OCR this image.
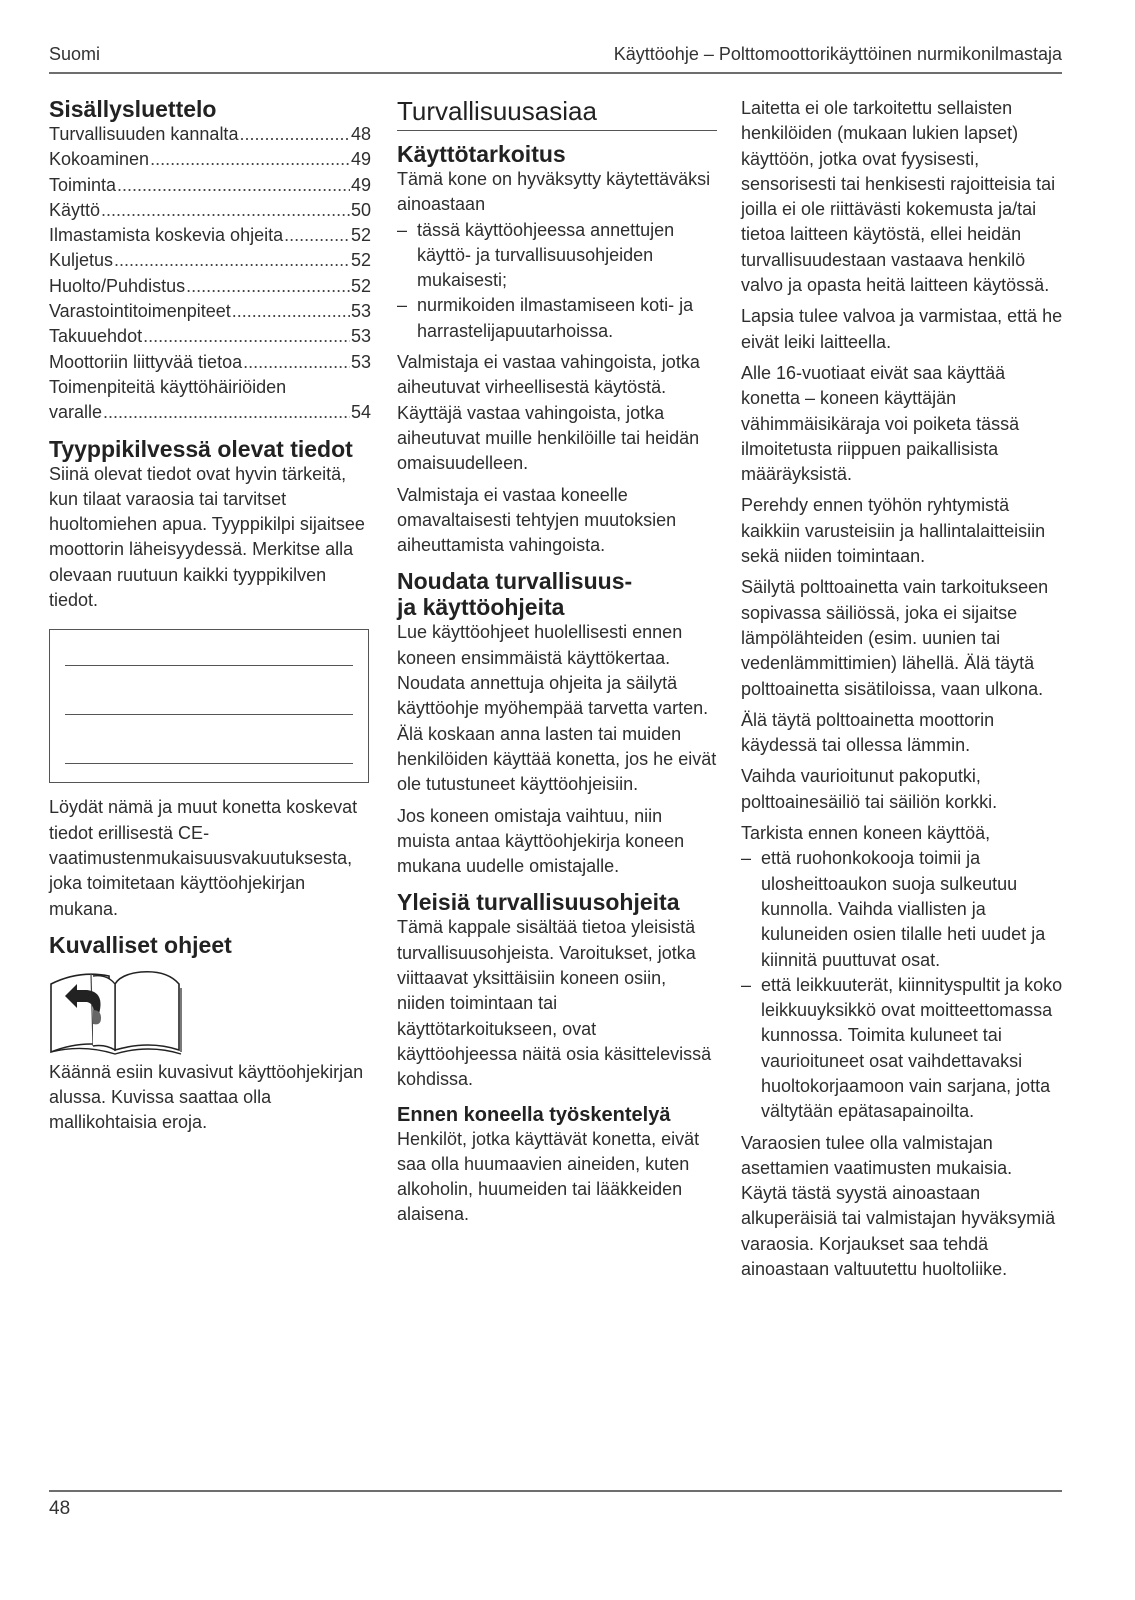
Suomi	Käyttöohje – Polttomoottorikäyttöinen nurmikonilmastaja
Sisällysluettelo
Turvallisuuden kannalta .....	48
Kokoaminen .....	49
Toiminta .....	49
Käyttö .....	50
Ilmastamista koskevia ohjeita .....	52
Kuljetus .....	52
Huolto/Puhdistus .....	52
Varastointitoimenpiteet .....	53
Takuuehdot .....	53
Moottoriin liittyvää tietoa .....	53
Toimenpiteitä käyttöhäiriöiden
varalle .....	54
Tyyppikilvessä olevat tiedot

Siinä olevat tiedot ovat hyvin tärkeitä, kun tilaat varaosia tai tarvitset huoltomiehen apua. Tyyppikilpi sijaitsee moottorin läheisyydessä. Merkitse alla olevaan ruutuun kaikki tyyppikilven tiedot.

Löydät nämä ja muut konetta koskevat tiedot erillisestä CE-vaatimustenmukaisuusvakuutuksesta, joka toimitetaan käyttöohjekirjan mukana.

Kuvalliset ohjeet

Käännä esiin kuvasivut käyttöohjekirjan alussa. Kuvissa saattaa olla mallikohtaisia eroja.

Turvallisuusasiaa
Käyttötarkoitus

Tämä kone on hyväksytty käytettäväksi ainoastaan

– tässä käyttöohjeessa annettujen käyttö- ja turvallisuusohjeiden mukaisesti;
– nurmikoiden ilmastamiseen koti- ja harrastelijapuutarhoissa.

Valmistaja ei vastaa vahingoista, jotka aiheutuvat virheellisestä käytöstä. Käyttäjä vastaa vahingoista, jotka aiheutuvat muille henkilöille tai heidän omaisuudelleen.

Valmistaja ei vastaa koneelle omavaltaisesti tehtyjen muutoksien aiheuttamista vahingoista.

Noudata turvallisuus-
ja käyttöohjeita

Lue käyttöohjeet huolellisesti ennen koneen ensimmäistä käyttökertaa. Noudata annettuja ohjeita ja säilytä käyttöohje myöhempää tarvetta varten.

Älä koskaan anna lasten tai muiden henkilöiden käyttää konetta, jos he eivät ole tutustuneet käyttöohjeisiin.

Jos koneen omistaja vaihtuu, niin muista antaa käyttöohjekirja koneen mukana uudelle omistajalle.

Yleisiä turvallisuusohjeita

Tämä kappale sisältää tietoa yleisistä turvallisuusohjeista. Varoitukset, jotka viittaavat yksittäisiin koneen osiin, niiden toimintaan tai käyttötarkoitukseen, ovat käyttöohjeessa näitä osia käsittelevissä kohdissa.

Ennen koneella työskentelyä

Henkilöt, jotka käyttävät konetta, eivät saa olla huumaavien aineiden, kuten alkoholin, huumeiden tai lääkkeiden alaisena.

Laitetta ei ole tarkoitettu sellaisten henkilöiden (mukaan lukien lapset) käyttöön, jotka ovat fyysisesti, sensorisesti tai henkisesti rajoitteisia tai joilla ei ole riittävästi kokemusta ja/tai tietoa laitteen käytöstä, ellei heidän turvallisuudestaan vastaava henkilö valvo ja opasta heitä laitteen käytössä.

Lapsia tulee valvoa ja varmistaa, että he eivät leiki laitteella.

Alle 16-vuotiaat eivät saa käyttää konetta – koneen käyttäjän vähimmäisikäraja voi poiketa tässä ilmoitetusta riippuen paikallisista määräyksistä.

Perehdy ennen työhön ryhtymistä kaikkiin varusteisiin ja hallintalaitteisiin sekä niiden toimintaan.

Säilytä polttoainetta vain tarkoitukseen sopivassa säiliössä, joka ei sijaitse lämpölähteiden (esim. uunien tai vedenlämmittimien) lähellä. Älä täytä polttoainetta sisätiloissa, vaan ulkona.

Älä täytä polttoainetta moottorin käydessä tai ollessa lämmin.

Vaihda vaurioitunut pakoputki, polttoainesäiliö tai säiliön korkki.

Tarkista ennen koneen käyttöä,

– että ruohonkokooja toimii ja ulosheittoaukon suoja sulkeutuu kunnolla. Vaihda viallisten ja kuluneiden osien tilalle heti uudet ja kiinnitä puuttuvat osat.
– että leikkuuterät, kiinnityspultit ja koko leikkuuyksikkö ovat moitteettomassa kunnossa. Toimita kuluneet tai vaurioituneet osat vaihdettavaksi huoltokorjaamoon vain sarjana, jotta vältytään epätasapainoilta.

Varaosien tulee olla valmistajan asettamien vaatimusten mukaisia. Käytä tästä syystä ainoastaan alkuperäisiä tai valmistajan hyväksymiä varaosia. Korjaukset saa tehdä ainoastaan valtuutettu huoltoliike.

48
